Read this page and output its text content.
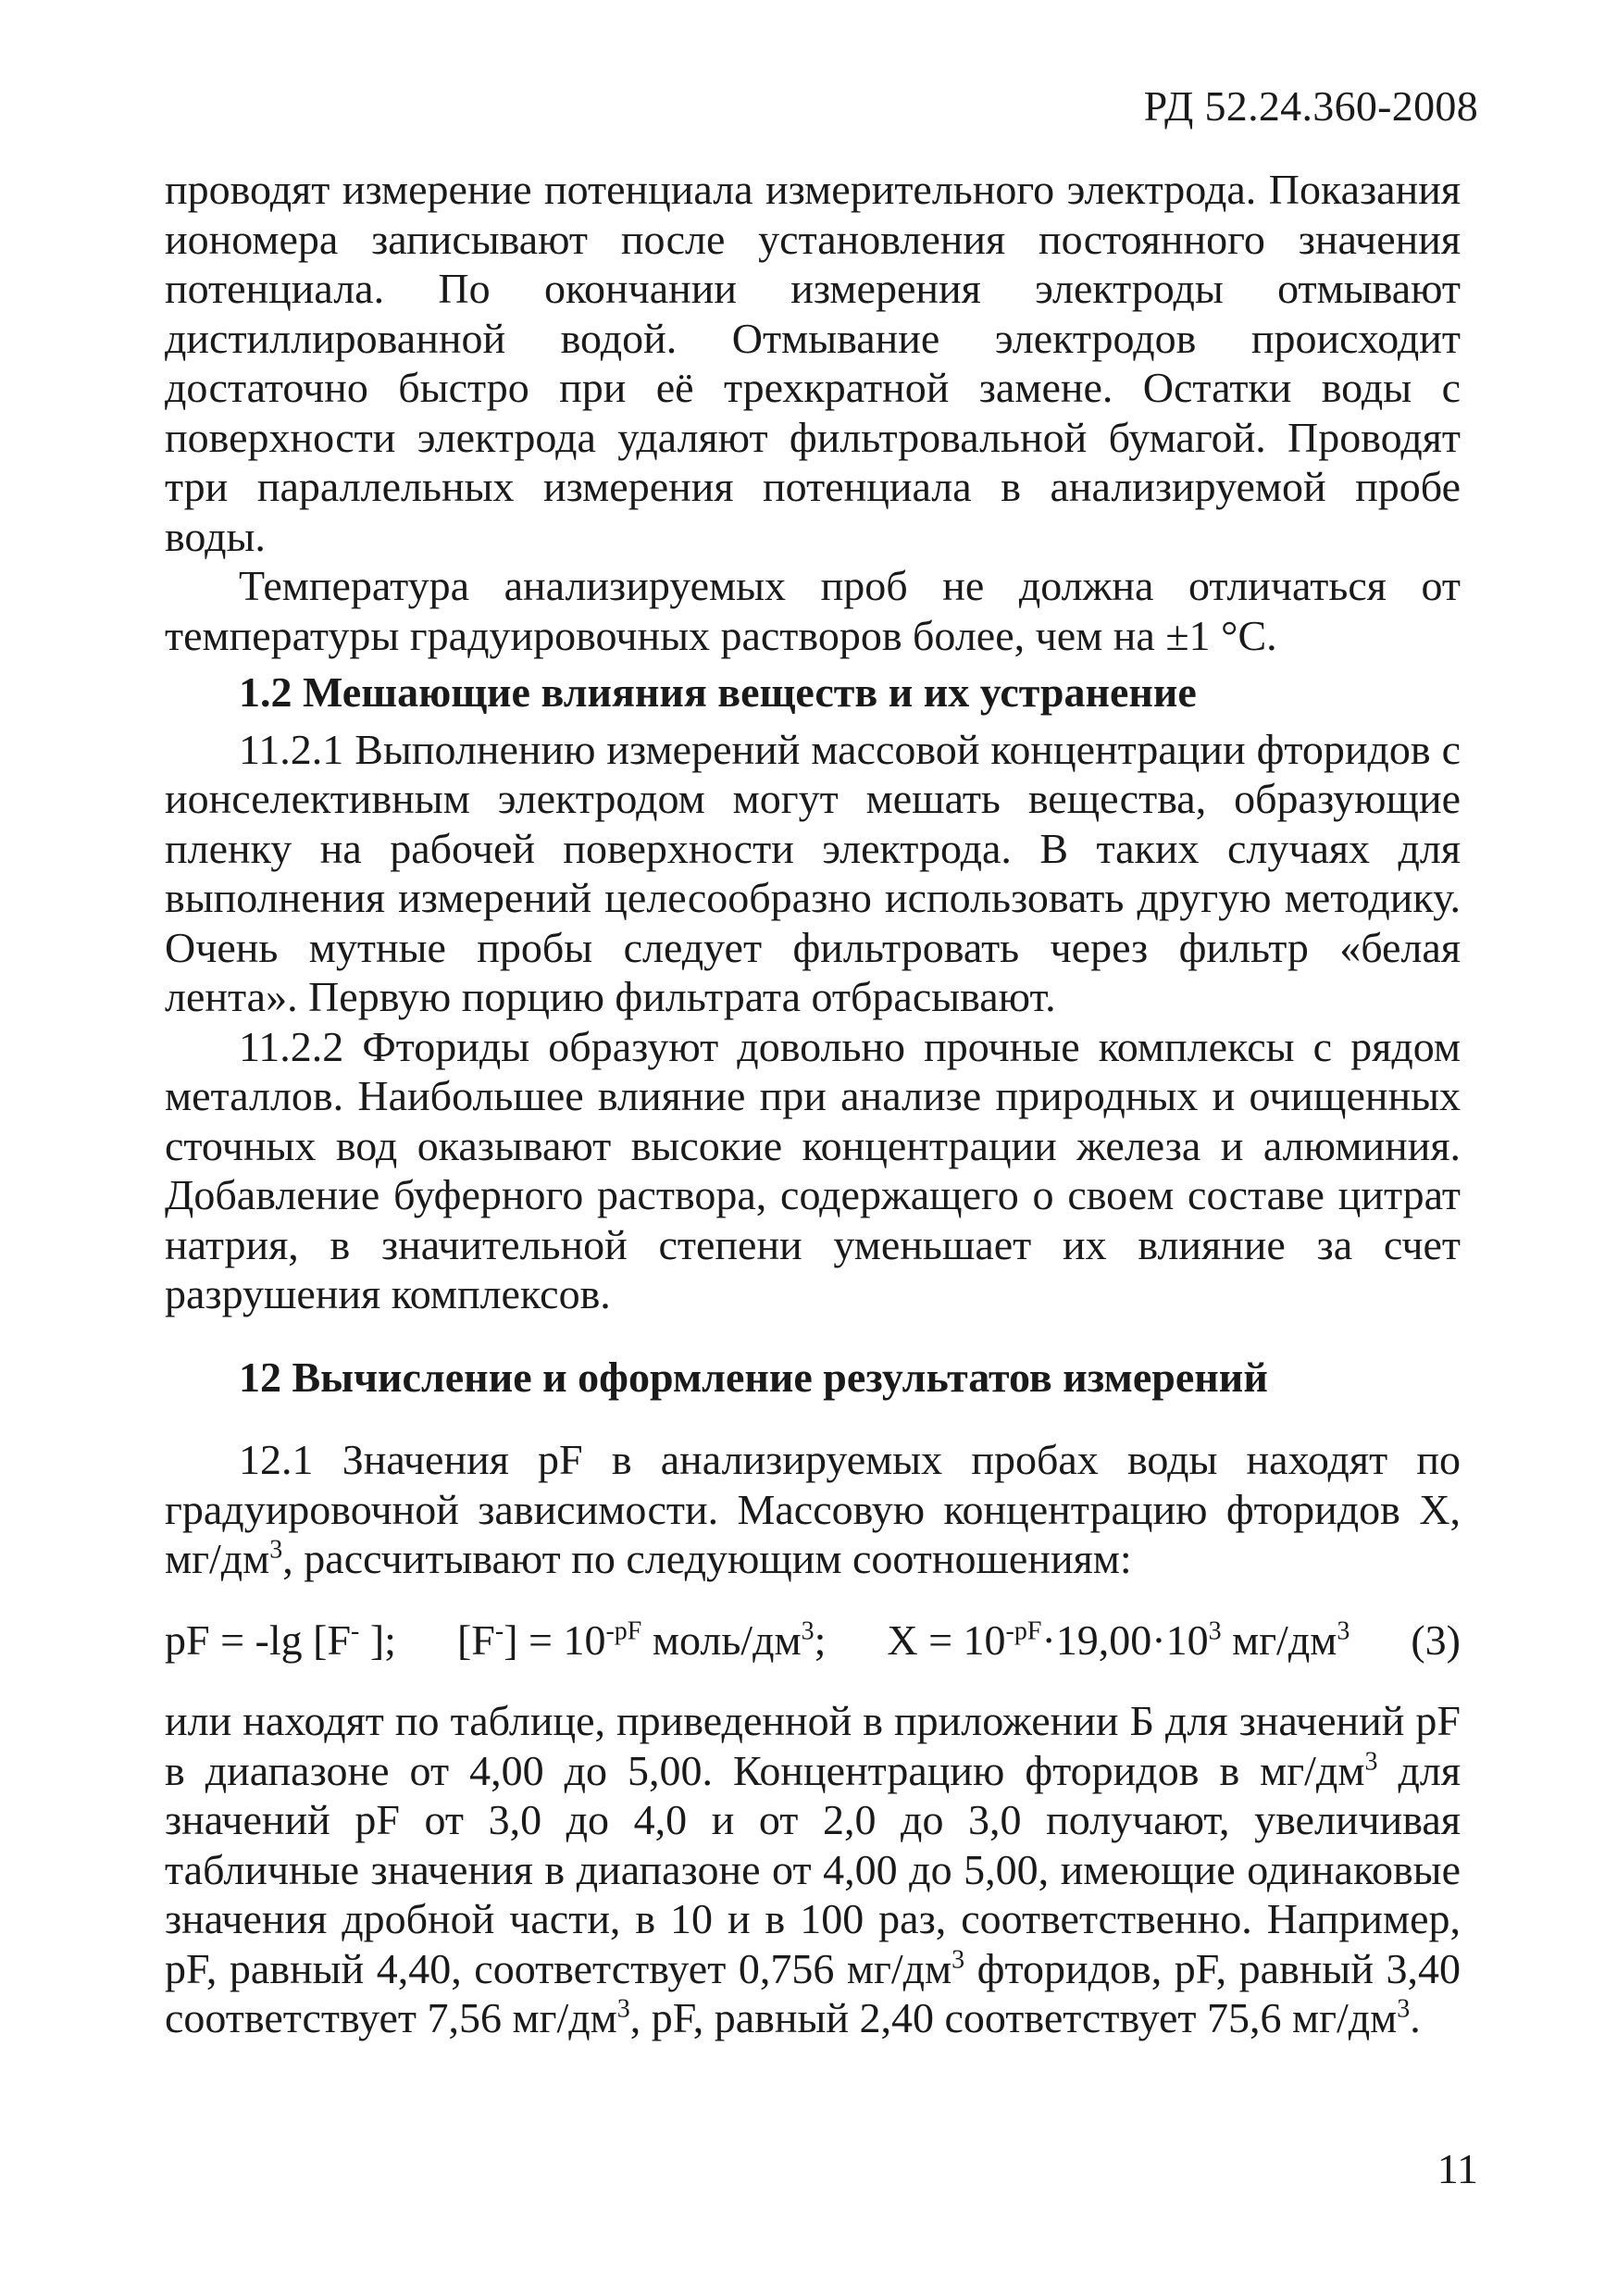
РД 52.24.360-2008

проводят измерение потенциала измерительного электрода. Показания иономера записывают после установления постоянного значения потенциала. По окончании измерения электроды отмывают дистиллированной водой. Отмывание электродов происходит достаточно быстро при её трехкратной замене. Остатки воды с поверхности электрода удаляют фильтровальной бумагой. Проводят три параллельных измерения потенциала в анализируемой пробе воды.

Температура анализируемых проб не должна отличаться от температуры градуировочных растворов более, чем на ±1 °C.

1.2 Мешающие влияния веществ и их устранение

11.2.1 Выполнению измерений массовой концентрации фторидов с ионселективным электродом могут мешать вещества, образующие пленку на рабочей поверхности электрода. В таких случаях для выполнения измерений целесообразно использовать другую методику. Очень мутные пробы следует фильтровать через фильтр «белая лента». Первую порцию фильтрата отбрасывают.

11.2.2 Фториды образуют довольно прочные комплексы с рядом металлов. Наибольшее влияние при анализе природных и очищенных сточных вод оказывают высокие концентрации железа и алюминия. Добавление буферного раствора, содержащего о своем составе цитрат натрия, в значительной степени уменьшает их влияние за счет разрушения комплексов.

12 Вычисление и оформление результатов измерений

12.1 Значения pF в анализируемых пробах воды находят по градуировочной зависимости. Массовую концентрацию фторидов X, $мг/дм^3$, рассчитывают по следующим соотношениям:

pF = -lg [F- ]; $[F^-] = 10^{-pF}$ моль/$дм^3$; $X = 10^{-pF}\cdot 19,00\cdot 10^3$ $мг/дм^3$ (3)

или находят по таблице, приведенной в приложении Б для значений pF в диапазоне от 4,00 до 5,00. Концентрацию фторидов в $мг/дм^3$ для значений pF от 3,0 до 4,0 и от 2,0 до 3,0 получают, увеличивая табличные значения в диапазоне от 4,00 до 5,00, имеющие одинаковые значения дробной части, в 10 и в 100 раз, соответственно. Например, pF, равный 4,40, соответствует 0,756 $мг/дм^3$ фторидов, pF, равный 3,40 соответствует 7,56 $мг/дм^3$, pF, равный 2,40 соответствует 75,6 $мг/дм^3$.

11
